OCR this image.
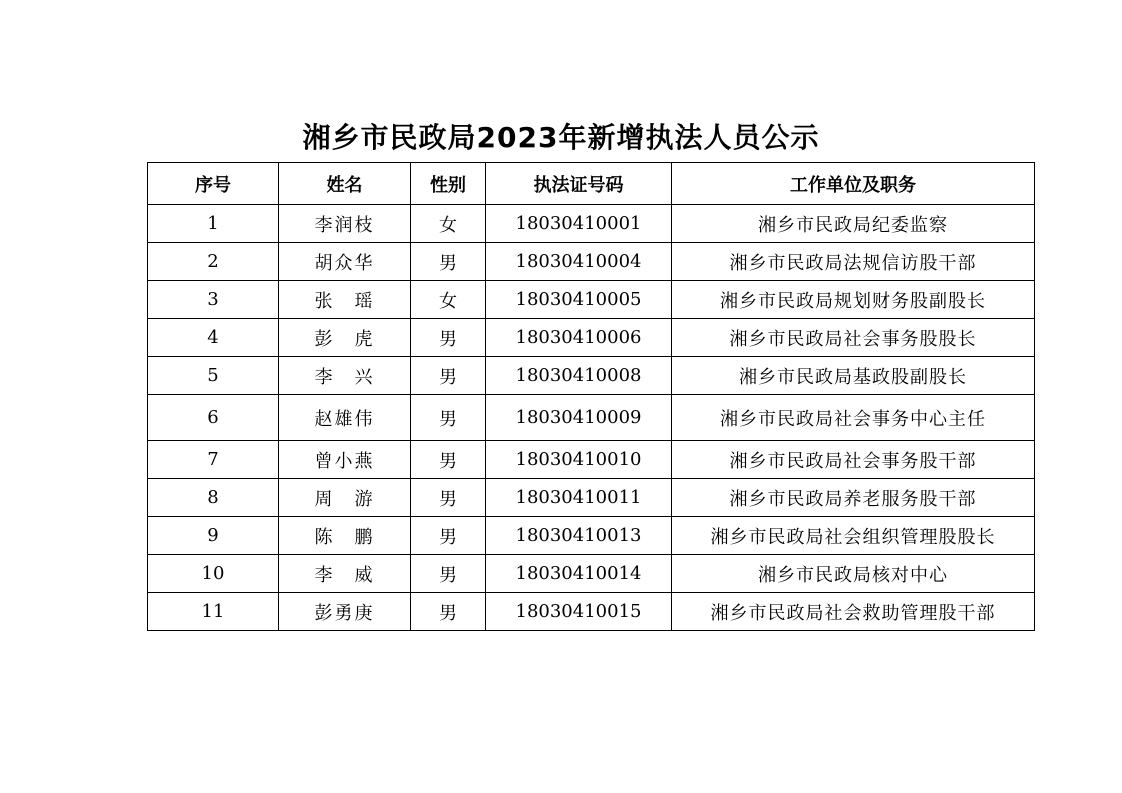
湘乡市民政局2023年新增执法人员公示
序号	姓名	性别	执法证号码	工作单位及职务
1	李润枝	女	18030410001	湘乡市民政局纪委监察
2	胡众华	男	18030410004	湘乡市民政局法规信访股干部
3	张　瑶	女	18030410005	湘乡市民政局规划财务股副股长
4	彭　虎	男	18030410006	湘乡市民政局社会事务股股长
5	李　兴	男	18030410008	湘乡市民政局基政股副股长
6	赵雄伟	男	18030410009	湘乡市民政局社会事务中心主任
7	曾小燕	男	18030410010	湘乡市民政局社会事务股干部
8	周　游	男	18030410011	湘乡市民政局养老服务股干部
9	陈　鹏	男	18030410013	湘乡市民政局社会组织管理股股长
10	李　威	男	18030410014	湘乡市民政局核对中心
11	彭勇庚	男	18030410015	湘乡市民政局社会救助管理股干部
